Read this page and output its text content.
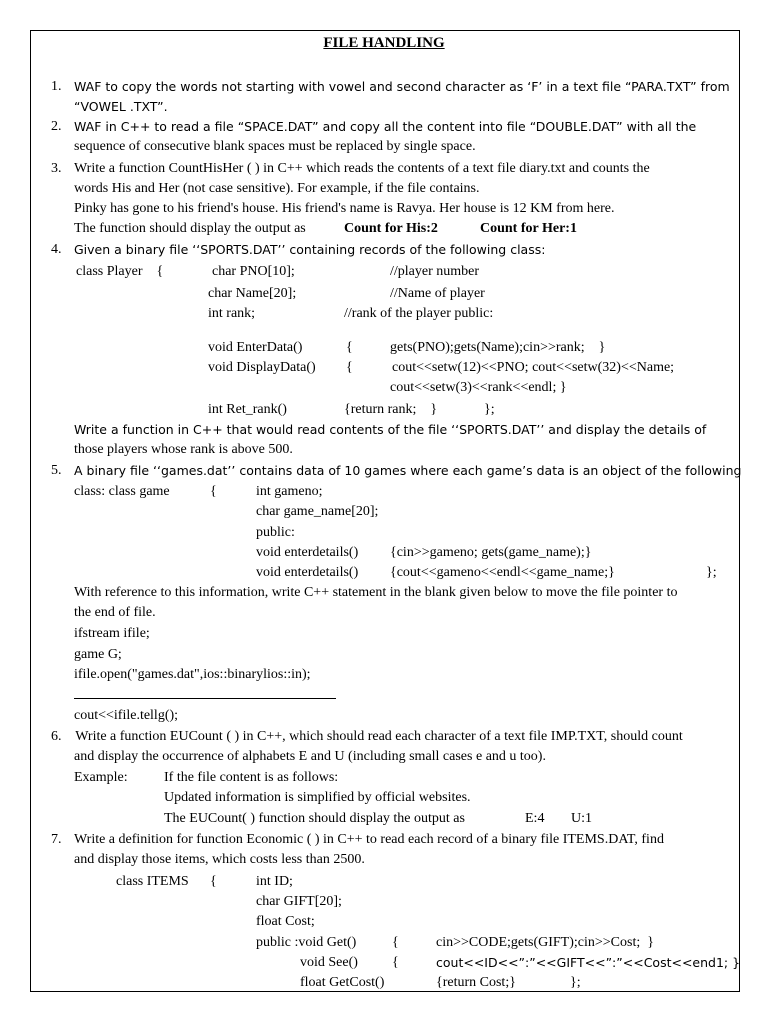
FILE HANDLING
1. WAF to copy the words not starting with vowel and second character as ‘F’ in a text file “PARA.TXT” from
“VOWEL .TXT”.
2. WAF in C++ to read a file “SPACE.DAT” and copy all the content into file “DOUBLE.DAT” with all the
sequence of consecutive blank spaces must be replaced by single space.
3. Write a function CountHisHer ( ) in C++ which reads the contents of a text file diary.txt and counts the
words His and Her (not case sensitive). For example, if the file contains.
Pinky has gone to his friend's house. His friend's name is Ravya. Her house is 12 KM from here.
The function should display the output as	Count for His:2	Count for Her:1
4. Given a binary file ‘‘SPORTS.DAT’’ containing records of the following class:
class Player    {	char PNO[10];	//player number
char Name[20];	//Name of player
int rank;	//rank of the player public:
void EnterData()	{	gets(PNO);gets(Name);cin>>rank;    }
void DisplayData() {	cout<<setw(12)<<PNO; cout<<setw(32)<<Name;
cout<<setw(3)<<rank<<endl; }
int Ret_rank()	{return rank;    }	};
Write a function in C++ that would read contents of the file ‘‘SPORTS.DAT’’ and display the details of
those players whose rank is above 500.
5. A binary file ‘‘games.dat’’ contains data of 10 games where each game’s data is an object of the following
class: class game	{	int gameno;
char game_name[20];
public:
void enterdetails() {cin>>gameno; gets(game_name);}
void enterdetails() {cout<<gameno<<endl<<game_name;}	};
With reference to this information, write C++ statement in the blank given below to move the file pointer to
the end of file.
ifstream ifile;
game G;
ifile.open("games.dat",ios::binarylios::in);
cout<<ifile.tellg();
6. Write a function EUCount ( ) in C++, which should read each character of a text file IMP.TXT, should count
and display the occurrence of alphabets E and U (including small cases e and u too).
Example:	If the file content is as follows:
Updated information is simplified by official websites.
The EUCount( ) function should display the output as	E:4 U:1
7. Write a definition for function Economic ( ) in C++ to read each record of a binary file ITEMS.DAT, find
and display those items, which costs less than 2500.
class ITEMS {	int ID;
char GIFT[20];
float Cost;
public :void Get()	{	cin>>CODE;gets(GIFT);cin>>Cost;  }
void See() {	cout<<ID<<”:”<<GIFT<<”:”<<Cost<<end1; }
float GetCost()	{return Cost;}	};
